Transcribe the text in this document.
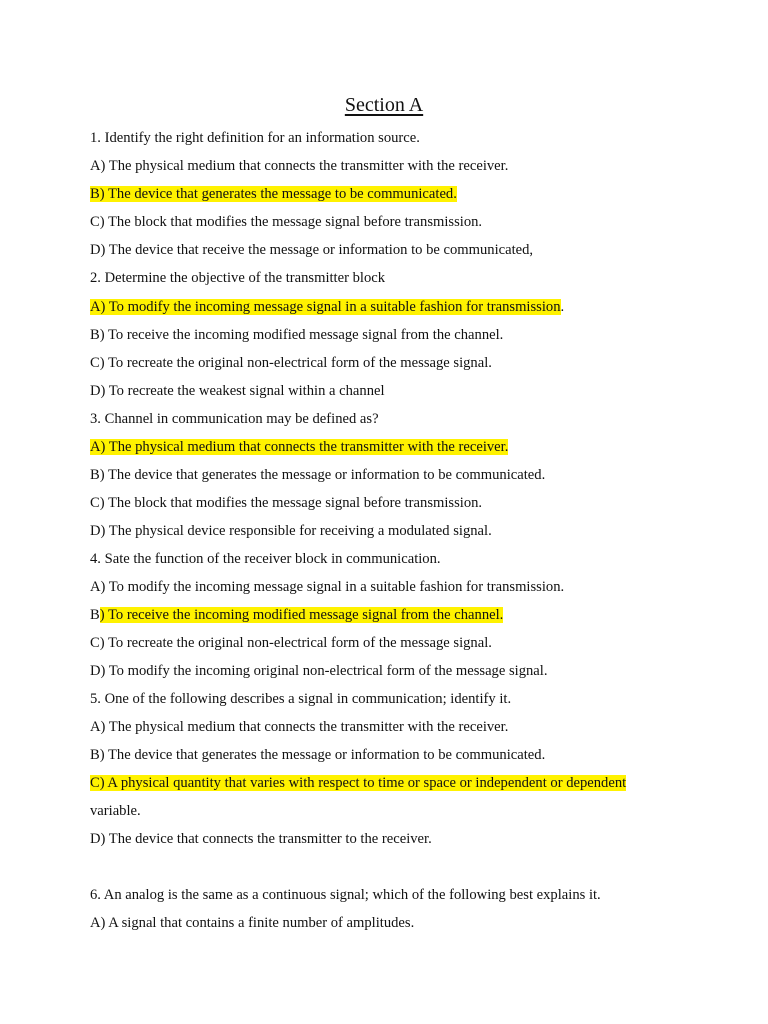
Section A
1. Identify the right definition for an information source.
A) The physical medium that connects the transmitter with the receiver.
B) The device that generates the message to be communicated.
C) The block that modifies the message signal before transmission.
D) The device that receive the message or information to be communicated,
2. Determine the objective of the transmitter block
A) To modify the incoming message signal in a suitable fashion for transmission.
B) To receive the incoming modified message signal from the channel.
C) To recreate the original non-electrical form of the message signal.
D) To recreate the weakest signal within a channel
3. Channel in communication may be defined as?
A) The physical medium that connects the transmitter with the receiver.
B) The device that generates the message or information to be communicated.
C) The block that modifies the message signal before transmission.
D) The physical device responsible for receiving a modulated signal.
4. Sate the function of the receiver block in communication.
A) To modify the incoming message signal in a suitable fashion for transmission.
B) To receive the incoming modified message signal from the channel.
C) To recreate the original non-electrical form of the message signal.
D) To modify the incoming original non-electrical form of the message signal.
5. One of the following describes a signal in communication; identify it.
A) The physical medium that connects the transmitter with the receiver.
B) The device that generates the message or information to be communicated.
C) A physical quantity that varies with respect to time or space or independent or dependent
variable.
D) The device that connects the transmitter to the receiver.
6. An analog is the same as a continuous signal; which of the following best explains it.
A) A signal that contains a finite number of amplitudes.
